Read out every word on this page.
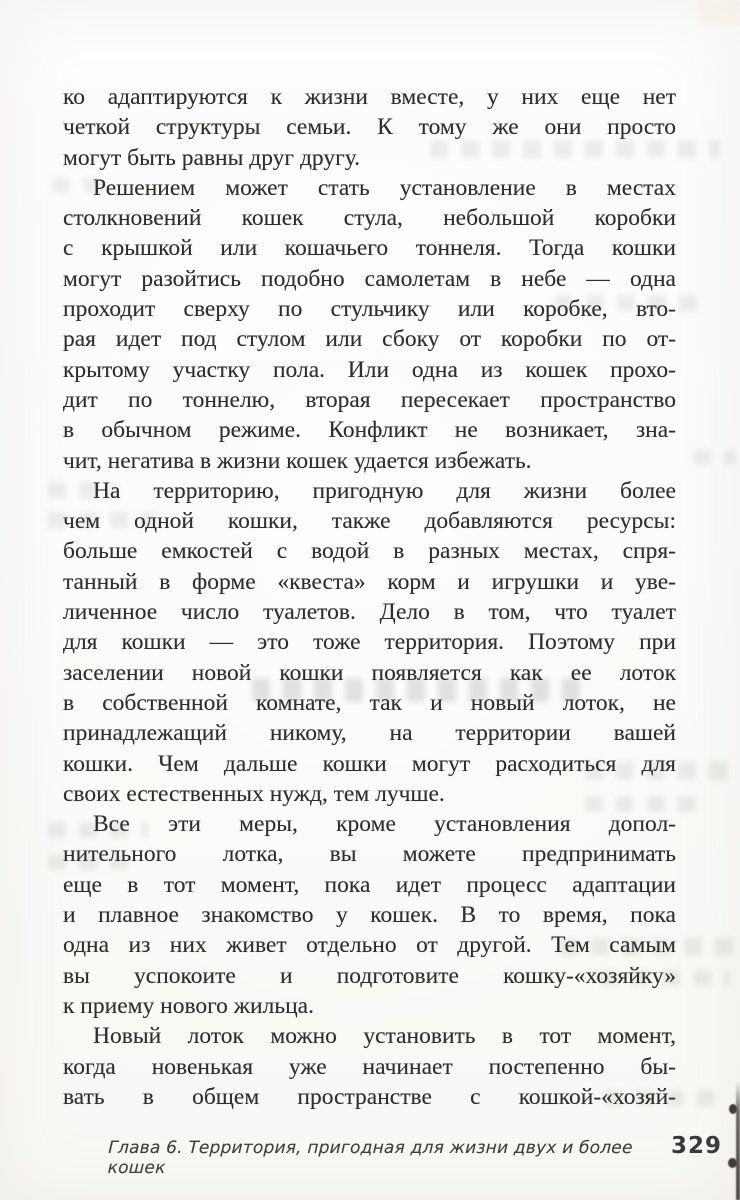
ко адаптируются к жизни вместе, у них еще нет
четкой структуры семьи. К тому же они просто
могут быть равны друг другу.
Решением может стать установление в местах
столкновений кошек стула, небольшой коробки
с крышкой или кошачьего тоннеля. Тогда кошки
могут разойтись подобно самолетам в небе — одна
проходит сверху по стульчику или коробке, вто-
рая идет под стулом или сбоку от коробки по от-
крытому участку пола. Или одна из кошек прохо-
дит по тоннелю, вторая пересекает пространство
в обычном режиме. Конфликт не возникает, зна-
чит, негатива в жизни кошек удается избежать.
На территорию, пригодную для жизни более
чем одной кошки, также добавляются ресурсы:
больше емкостей с водой в разных местах, спря-
танный в форме «квеста» корм и игрушки и уве-
личенное число туалетов. Дело в том, что туалет
для кошки — это тоже территория. Поэтому при
заселении новой кошки появляется как ее лоток
в собственной комнате, так и новый лоток, не
принадлежащий никому, на территории вашей
кошки. Чем дальше кошки могут расходиться для
своих естественных нужд, тем лучше.
Все эти меры, кроме установления допол-
нительного лотка, вы можете предпринимать
еще в тот момент, пока идет процесс адаптации
и плавное знакомство у кошек. В то время, пока
одна из них живет отдельно от другой. Тем самым
вы успокоите и подготовите кошку-«хозяйку»
к приему нового жильца.
Новый лоток можно установить в тот момент,
когда новенькая уже начинает постепенно бы-
вать в общем пространстве с кошкой-«хозяй-
Глава 6. Территория, пригодная для жизни двух и более кошек
329
